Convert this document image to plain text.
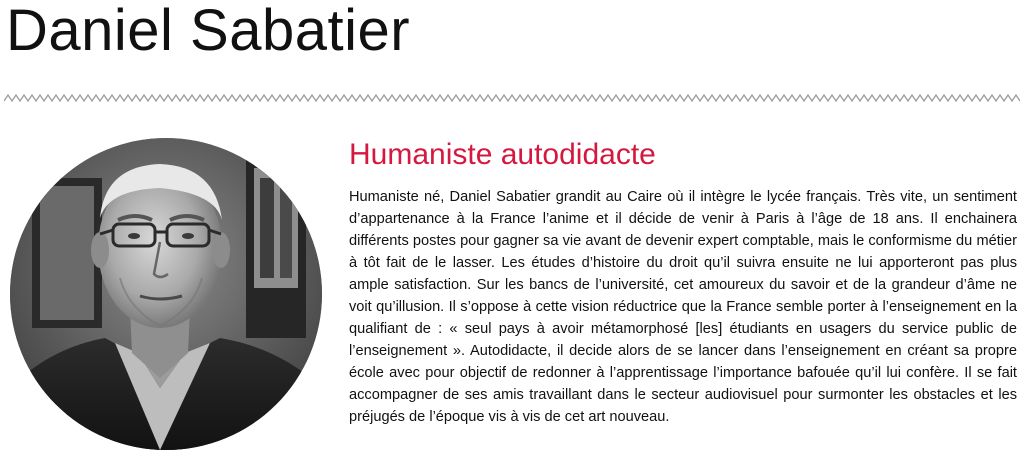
Daniel Sabatier
Humaniste autodidacte

Humaniste né, Daniel Sabatier grandit au Caire où il intègre le lycée français. Très vite, un sentiment d’appartenance à la France l’anime et il décide de venir à Paris à l’âge de 18 ans. Il enchainera différents postes pour gagner sa vie avant de devenir expert comptable, mais le conformisme du métier à tôt fait de le lasser. Les études d’histoire du droit qu’il suivra ensuite ne lui apporteront pas plus ample satisfaction. Sur les bancs de l’université, cet amoureux du savoir et de la grandeur d’âme ne voit qu’illusion. Il s’oppose à cette vision réductrice que la France semble porter à l’enseignement en la qualifiant de : « seul pays à avoir métamorphosé [les] étudiants en usagers du service public de l’enseignement ». Autodidacte, il decide alors de se lancer dans l’enseignement en créant sa propre école avec pour objectif de redonner à l’apprentissage l’importance bafouée qu’il lui confère. Il se fait accompagner de ses amis travaillant dans le secteur audiovisuel pour surmonter les obstacles et les préjugés de l’époque vis à vis de cet art nouveau.
